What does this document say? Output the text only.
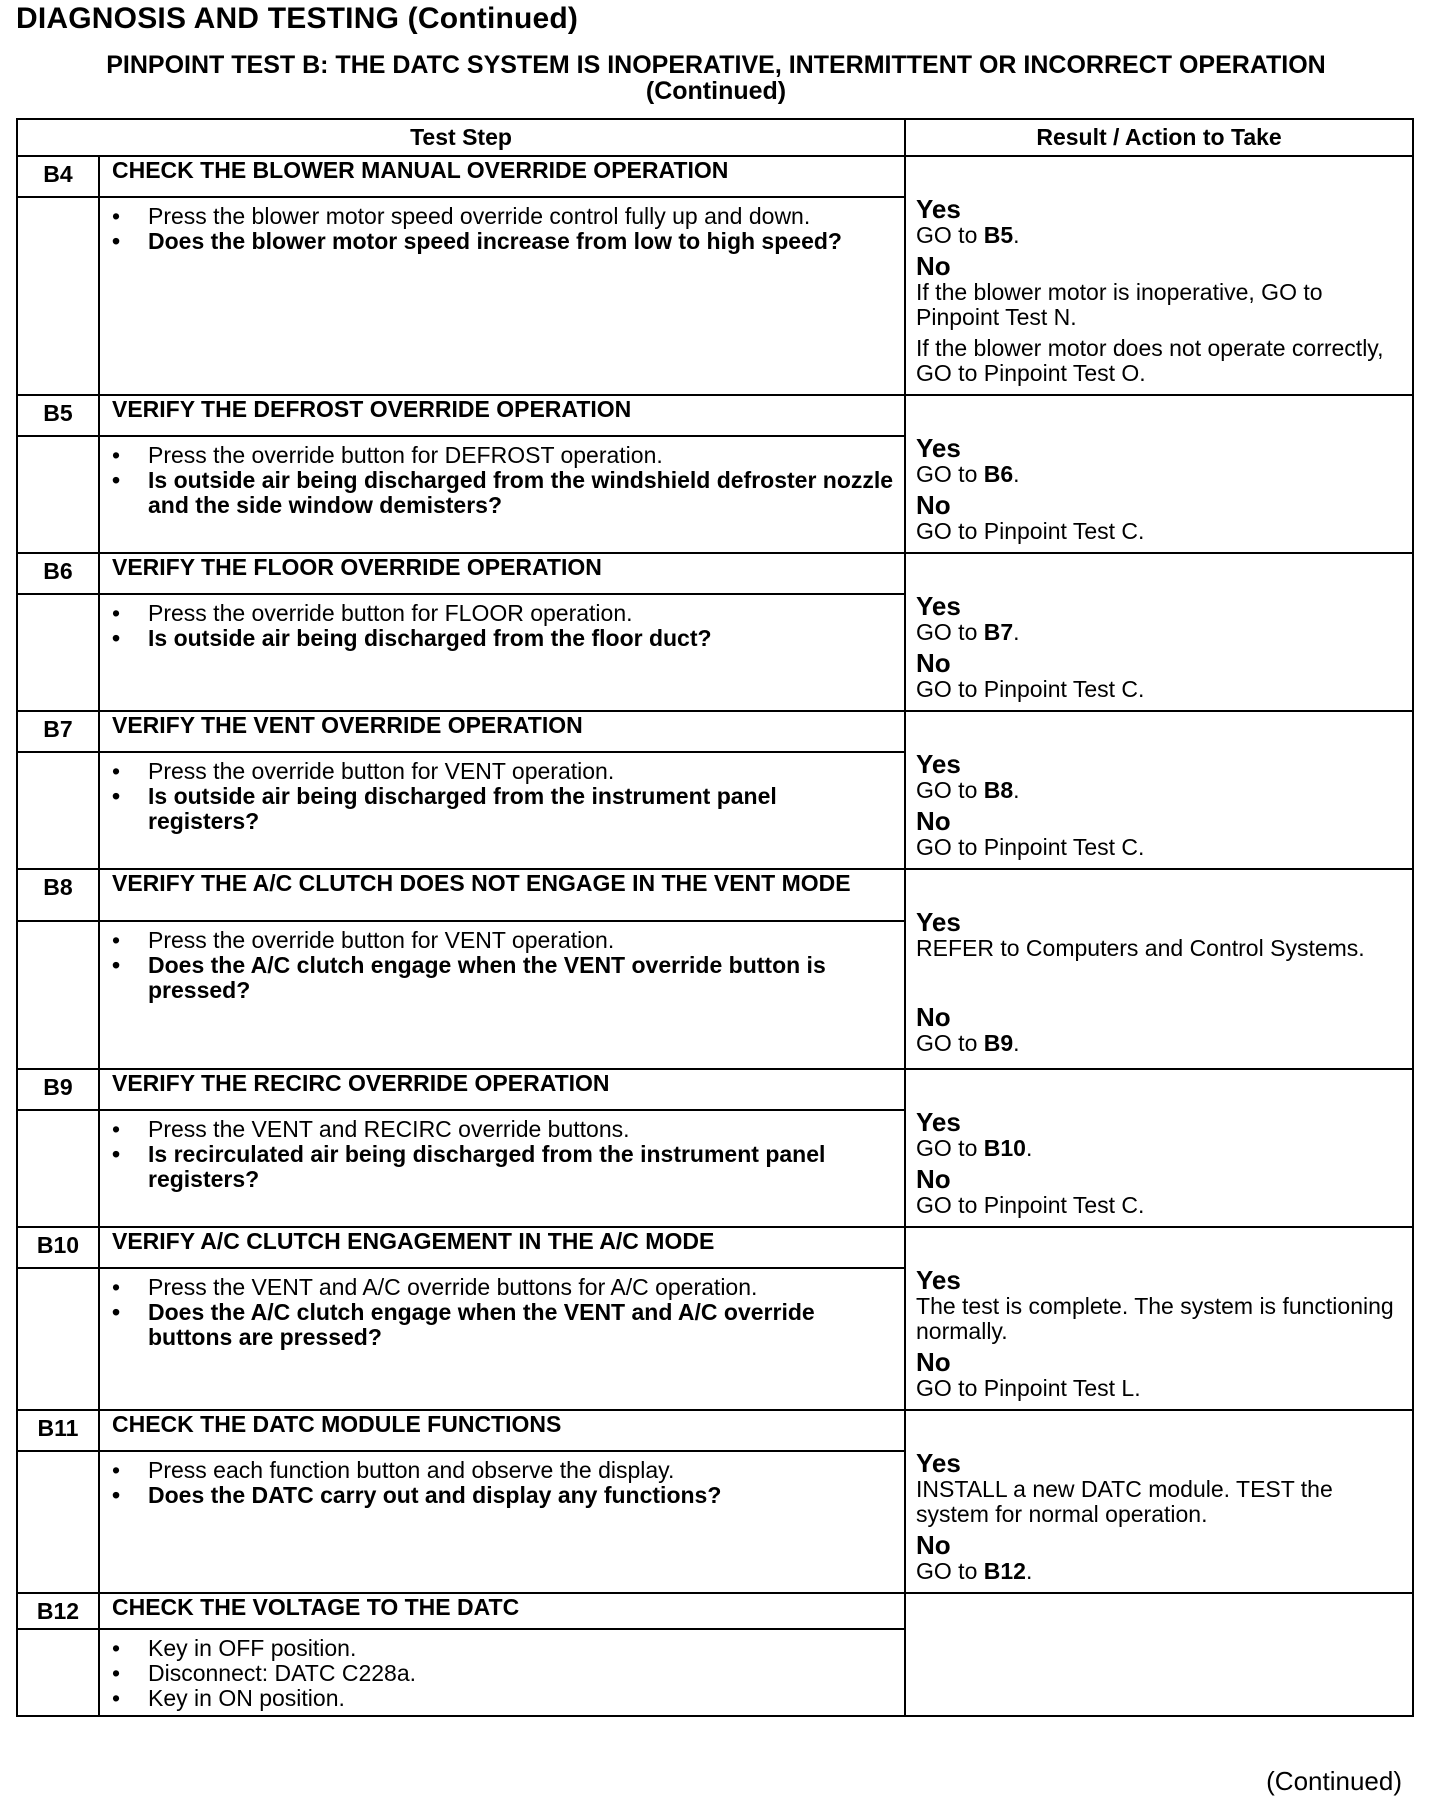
DIAGNOSIS AND TESTING (Continued)
PINPOINT TEST B: THE DATC SYSTEM IS INOPERATIVE, INTERMITTENT OR INCORRECT OPERATION
(Continued)
Test Step		Result / Action to Take
B4	CHECK THE BLOWER MANUAL OVERRIDE OPERATION	Yes
GO to B5.
No
If the blower motor is inoperative, GO to Pinpoint Test N.
If the blower motor does not operate correctly, GO to Pinpoint Test O.

	• Press the blower motor speed override control fully up and down.
• Does the blower motor speed increase from low to high speed?

B5	VERIFY THE DEFROST OVERRIDE OPERATION	Yes
GO to B6.
No
GO to Pinpoint Test C.

	• Press the override button for DEFROST operation.
• Is outside air being discharged from the windshield defroster nozzle and the side window demisters?

B6	VERIFY THE FLOOR OVERRIDE OPERATION	Yes
GO to B7.
No
GO to Pinpoint Test C.

	• Press the override button for FLOOR operation.
• Is outside air being discharged from the floor duct?

B7	VERIFY THE VENT OVERRIDE OPERATION	Yes
GO to B8.
No
GO to Pinpoint Test C.

	• Press the override button for VENT operation.
• Is outside air being discharged from the instrument panel registers?

B8	VERIFY THE A/C CLUTCH DOES NOT ENGAGE IN THE VENT MODE	Yes
REFER to Computers and Control Systems.
No
GO to B9.

	• Press the override button for VENT operation.
• Does the A/C clutch engage when the VENT override button is pressed?

B9	VERIFY THE RECIRC OVERRIDE OPERATION	Yes
GO to B10.
No
GO to Pinpoint Test C.

	• Press the VENT and RECIRC override buttons.
• Is recirculated air being discharged from the instrument panel registers?

B10	VERIFY A/C CLUTCH ENGAGEMENT IN THE A/C MODE	Yes
The test is complete. The system is functioning normally.
No
GO to Pinpoint Test L.

	• Press the VENT and A/C override buttons for A/C operation.
• Does the A/C clutch engage when the VENT and A/C override buttons are pressed?

B11	CHECK THE DATC MODULE FUNCTIONS	Yes
INSTALL a new DATC module. TEST the system for normal operation.
No
GO to B12.

	• Press each function button and observe the display.
• Does the DATC carry out and display any functions?

B12	CHECK THE VOLTAGE TO THE DATC	

	• Key in OFF position.
• Disconnect: DATC C228a.
• Key in ON position.
(Continued)
